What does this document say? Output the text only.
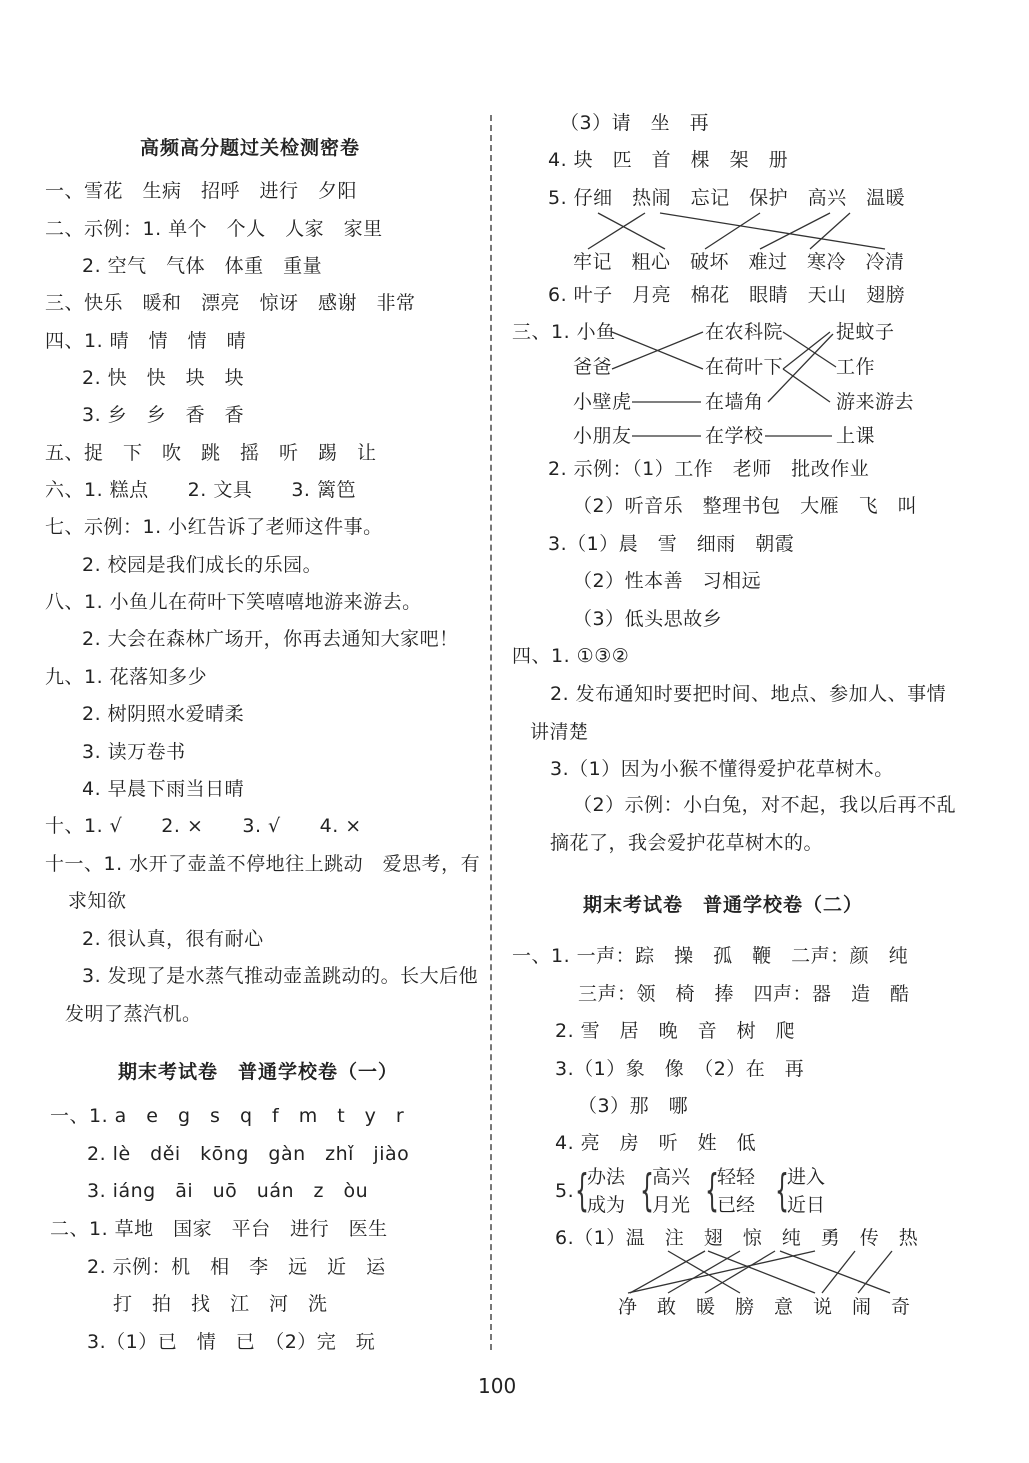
高频高分题过关检测密卷
一、雪花　生病　招呼　进行　夕阳
二、示例：1. 单个　个人　人家　家里
2. 空气　气体　体重　重量
三、快乐　暖和　漂亮　惊讶　感谢　非常
四、1. 晴　情　情　晴
2. 快　快　块　块
3. 乡　乡　香　香
五、捉　下　吹　跳　摇　听　踢　让
六、1. 糕点　　2. 文具　　3. 篱笆
七、示例：1. 小红告诉了老师这件事。
2. 校园是我们成长的乐园。
八、1. 小鱼儿在荷叶下笑嘻嘻地游来游去。
2. 大会在森林广场开，你再去通知大家吧！
九、1. 花落知多少
2. 树阴照水爱晴柔
3. 读万卷书
4. 早晨下雨当日晴
十、1. √　　2. ×　　3. √　　4. ×
十一、1. 水开了壶盖不停地往上跳动　爱思考，有
求知欲
2. 很认真，很有耐心
3. 发现了是水蒸气推动壶盖跳动的。长大后他
发明了蒸汽机。
期末考试卷　普通学校卷（一）
一、1. a　e　g　s　q　f　m　t　y　r
2. lè　děi　kōng　gàn　zhǐ　jiào
3. iáng　āi　uō　uán　z　òu
二、1. 草地　国家　平台　进行　医生
2. 示例：机　相　李　远　近　运
打　拍　找　江　河　洗
3.（1）已　情　已　（2）完　玩
（3）请　坐　再
4. 块　匹　首　棵　架　册
5. 仔细　热闹　忘记　保护　高兴　温暖
牢记　粗心　破坏　难过　寒冷　冷清
6. 叶子　月亮　棉花　眼睛　天山　翅膀
三、1. 小鱼	在农科院	捉蚊子
爸爸	在荷叶下	工作
小壁虎	在墙角	游来游去
小朋友	在学校	上课
2. 示例：（1）工作　老师　批改作业
（2）听音乐　整理书包　大雁　飞　叫
3.（1）晨　雪　细雨　朝霞
（2）性本善　习相远
（3）低头思故乡
四、1. ①③②
2. 发布通知时要把时间、地点、参加人、事情
讲清楚
3.（1）因为小猴不懂得爱护花草树木。
（2）示例：小白兔，对不起，我以后再不乱
摘花了，我会爱护花草树木的。
期末考试卷　普通学校卷（二）
一、1. 一声：踪　操　孤　鞭　二声：颜　纯
三声：领　椅　捧　四声：器　造　酷
2. 雪　居　晚　音　树　爬
3.（1）象　像　（2）在　再
（3）那　哪
4. 亮　房　听　姓　低
5.
6.（1）温　注　翅　惊　纯　勇　传　热
净　敢　暖　膀　意　说　闹　奇
{
办法
成为 {
高兴
月光 {
轻轻
已经 {
进入
近日
100
